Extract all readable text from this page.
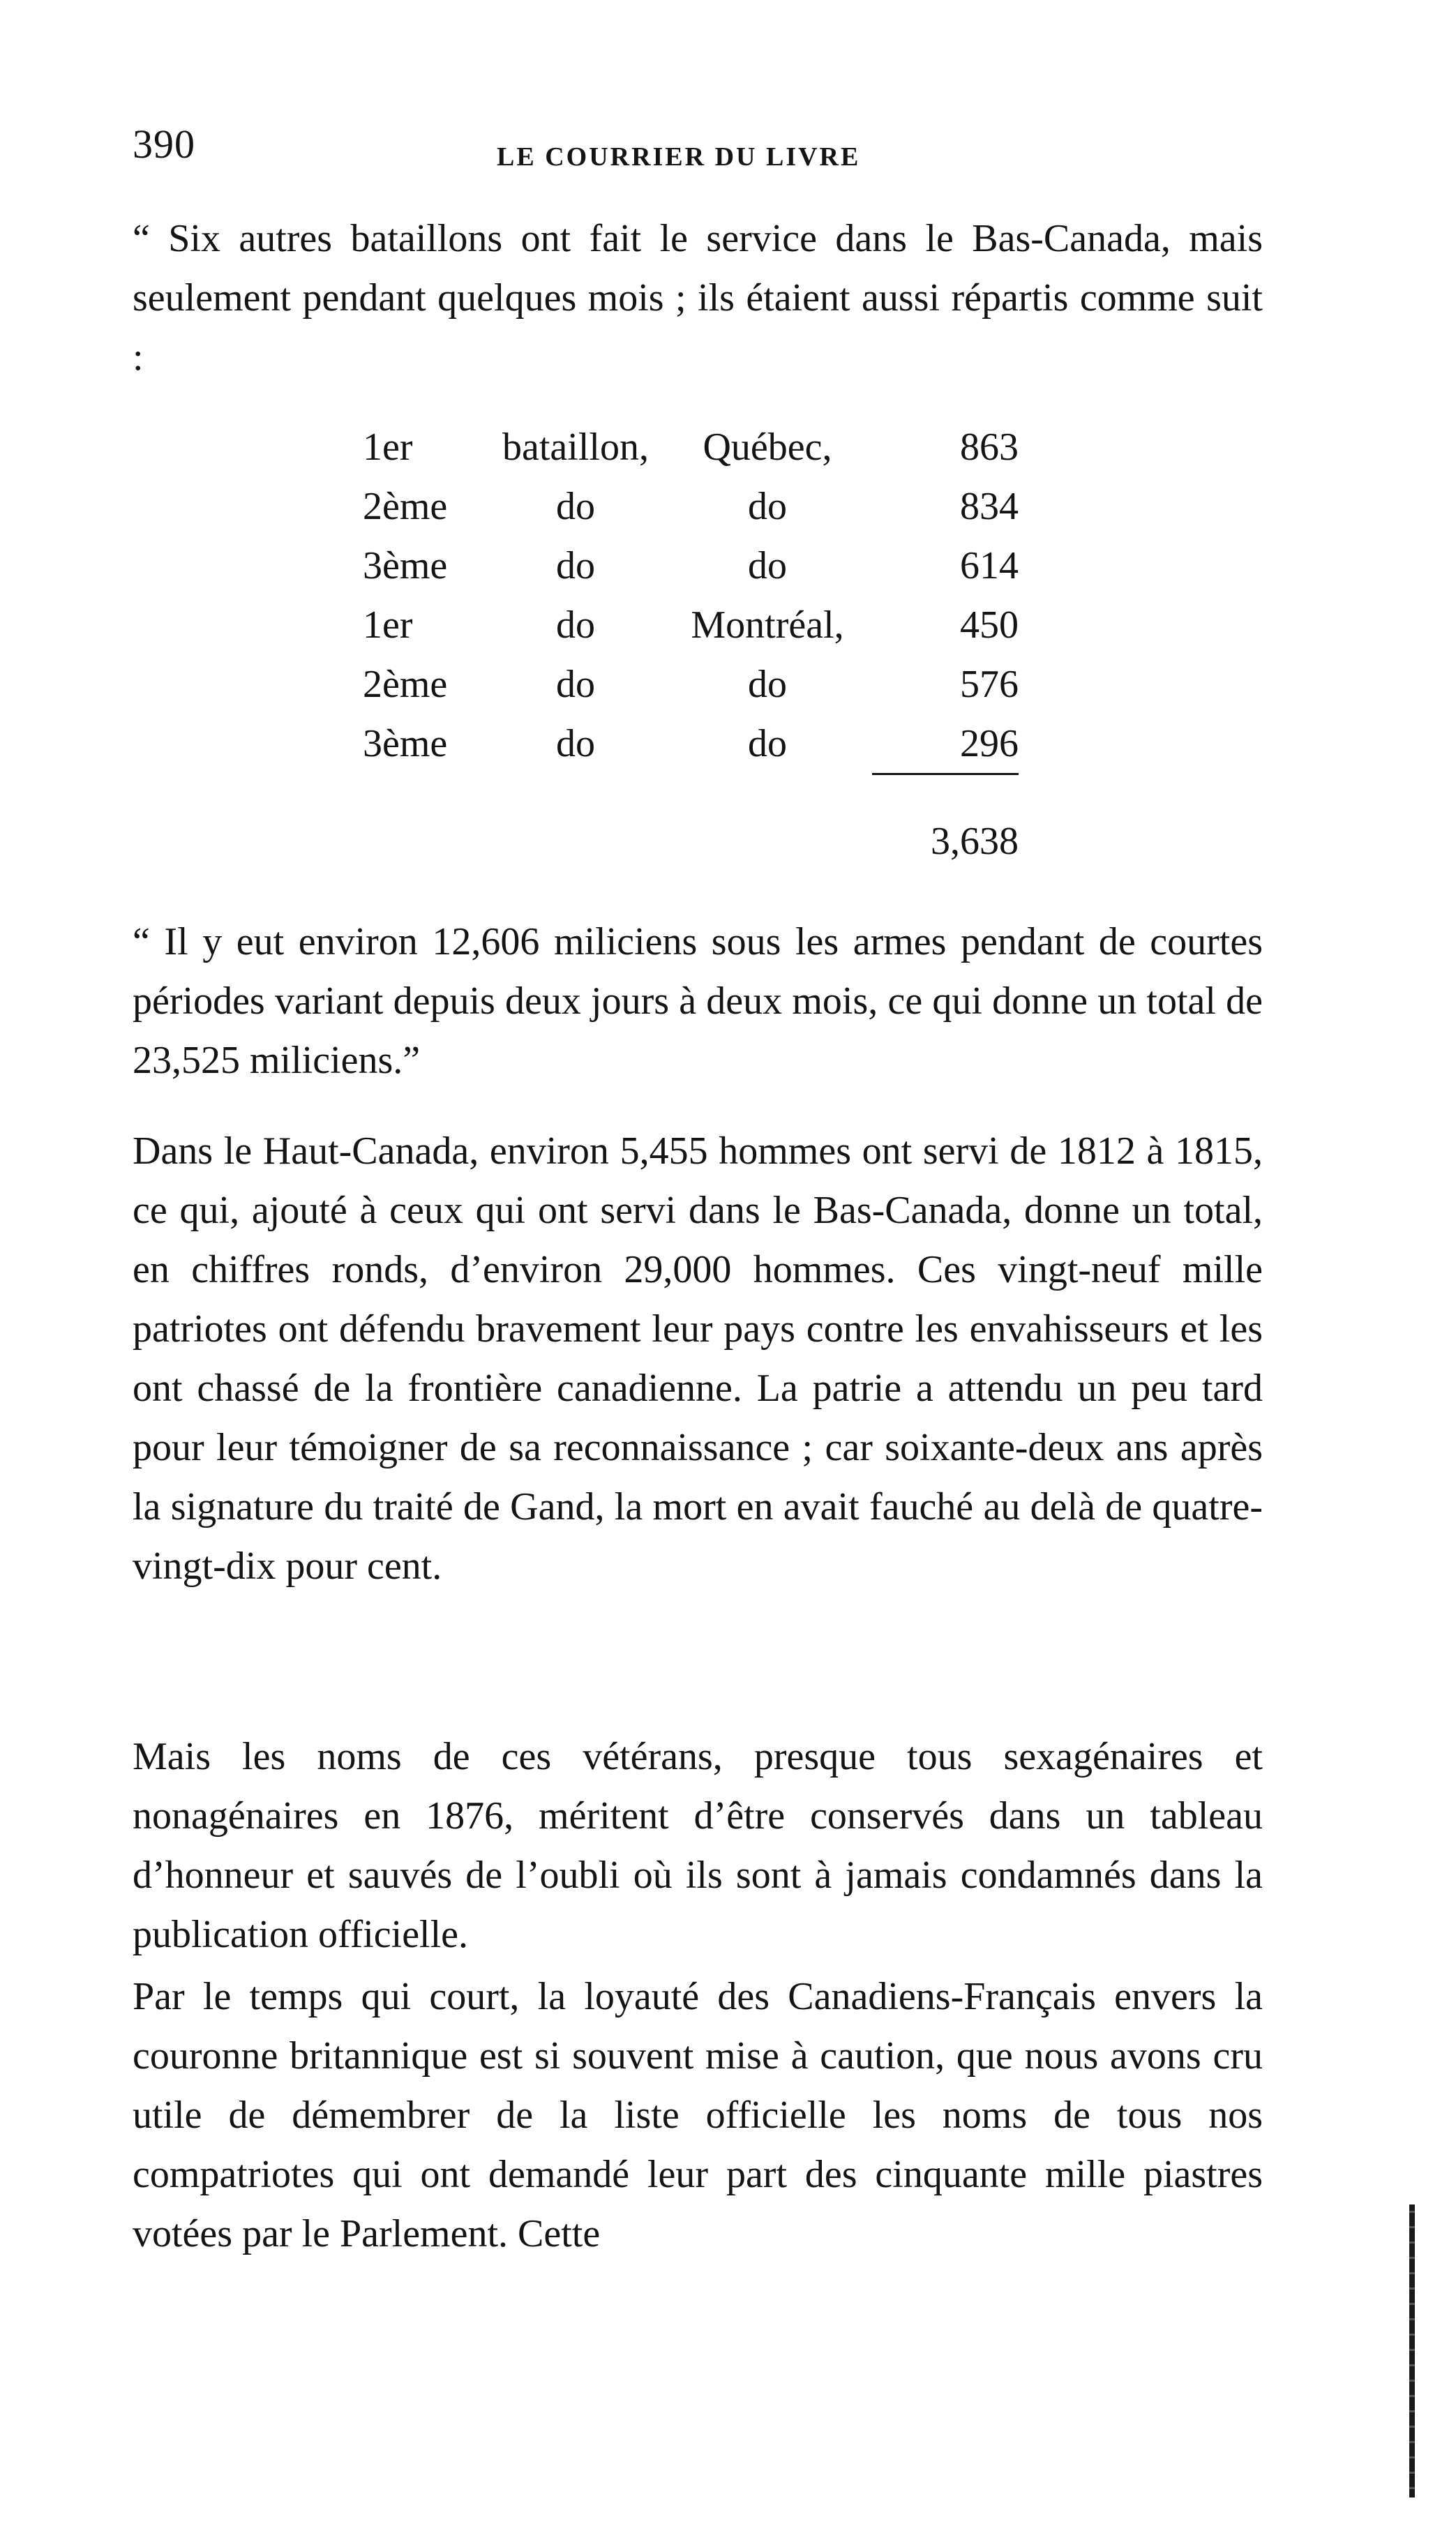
390	LE COURRIER DU LIVRE

“ Six autres bataillons ont fait le service dans le Bas-Canada, mais seulement pendant quelques mois ; ils étaient aussi répartis comme suit :

1er	bataillon,	Québec,	863
2ème	do	do	834
3ème	do	do	614
1er	do	Montréal,	450
2ème	do	do	576
3ème	do	do	296
			3,638

“ Il y eut environ 12,606 miliciens sous les armes pendant de courtes périodes variant depuis deux jours à deux mois, ce qui donne un total de 23,525 miliciens.”

Dans le Haut-Canada, environ 5,455 hommes ont servi de 1812 à 1815, ce qui, ajouté à ceux qui ont servi dans le Bas-Canada, donne un total, en chiffres ronds, d’environ 29,000 hommes. Ces vingt-neuf mille patriotes ont défendu bravement leur pays contre les envahisseurs et les ont chassé de la frontière canadienne. La patrie a attendu un peu tard pour leur témoigner de sa reconnaissance ; car soixante-deux ans après la signature du traité de Gand, la mort en avait fauché au delà de quatre-vingt-dix pour cent.

Mais les noms de ces vétérans, presque tous sexagénaires et nonagénaires en 1876, méritent d’être conservés dans un tableau d’honneur et sauvés de l’oubli où ils sont à jamais condamnés dans la publication officielle.

Par le temps qui court, la loyauté des Canadiens-Français envers la couronne britannique est si souvent mise à caution, que nous avons cru utile de démembrer de la liste officielle les noms de tous nos compatriotes qui ont demandé leur part des cinquante mille piastres votées par le Parlement. Cette
